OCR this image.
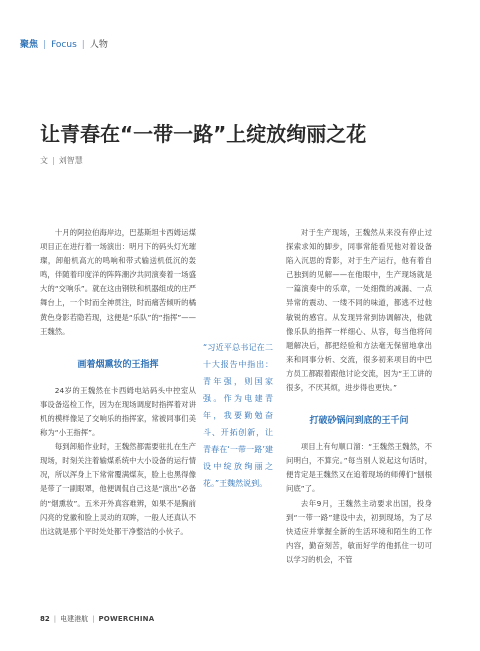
聚焦 | Focus | 人物
让青春在“一带一路”上绽放绚丽之花
文 | 刘智慧

十月的阿拉伯海岸边，巴基斯坦卡西姆运煤项目正在进行着一场演出：明月下的码头灯光璀璨，卸船机高亢的鸣响和带式输送机低沉的轰鸣，伴随着印度洋的阵阵潮汐共同演奏着一场盛大的“交响乐”。就在这由钢铁和机器组成的庄严舞台上，一个时而全神贯注，时而痛苦倾听的橘黄色身影若隐若现，这便是“乐队”的“指挥”——王魏然。

画着烟熏妆的王指挥

24岁的王魏然在卡西姆电站码头中控室从事设备巡检工作，因为在现场调度时指挥着对讲机的模样像足了交响乐的指挥家，常被同事们美称为“小王指挥”。

每到卸船作业时，王魏然都需要驻扎在生产现场，时刻关注着输煤系统中大小设备的运行情况，所以浑身上下常常覆满煤灰，脸上也黑得像是带了一副眼罩，他便调侃自己这是“演出”必备的“烟熏妆”。五米开外真容难辨，如果不是胸前闪亮的党徽和脸上灵动的双眸，一般人还真认不出这就是那个平时处处都干净整洁的小伙子。

“习近平总书记在二十大报告中指出：青年强，则国家强。作为电建青年，我要勤勉奋斗、开拓创新，让青春在‘一带一路’建设中绽放绚丽之花。”王魏然说到。

对于生产现场，王魏然从来没有停止过探索求知的脚步，同事常能看见他对着设备陷入沉思的背影，对于生产运行，他有着自己独到的见解——在他眼中，生产现场就是一篇演奏中的乐章，一处细微的减漏、一点异常的震动、一缕不同的味道，都逃不过他敏锐的感官。从发现异常到协调解决，他就像乐队的指挥一样细心、从容，每当他将问题解决后，都把经验和方法毫无保留地拿出来和同事分析、交流，很多初来项目的中巴方员工都跟着跟他讨论交流，因为“王工讲的很多，不厌其烦，进步得也更快。”

打破砂锅问到底的王千问

项目上有句顺口溜：“王魏然王魏然，不问明白，不算完。”每当别人说起这句话时，便肯定是王魏然又在追着现场的师傅们“刨根问底”了。

去年9月，王魏然主动要求出国，投身到“一带一路”建设中去，初到现场，为了尽快适应并掌握全新的生活环境和陌生的工作内容，勤奋刻苦，敏而好学的他抓住一切可以学习的机会，不管

82 | 电建港航 | POWERCHINA
